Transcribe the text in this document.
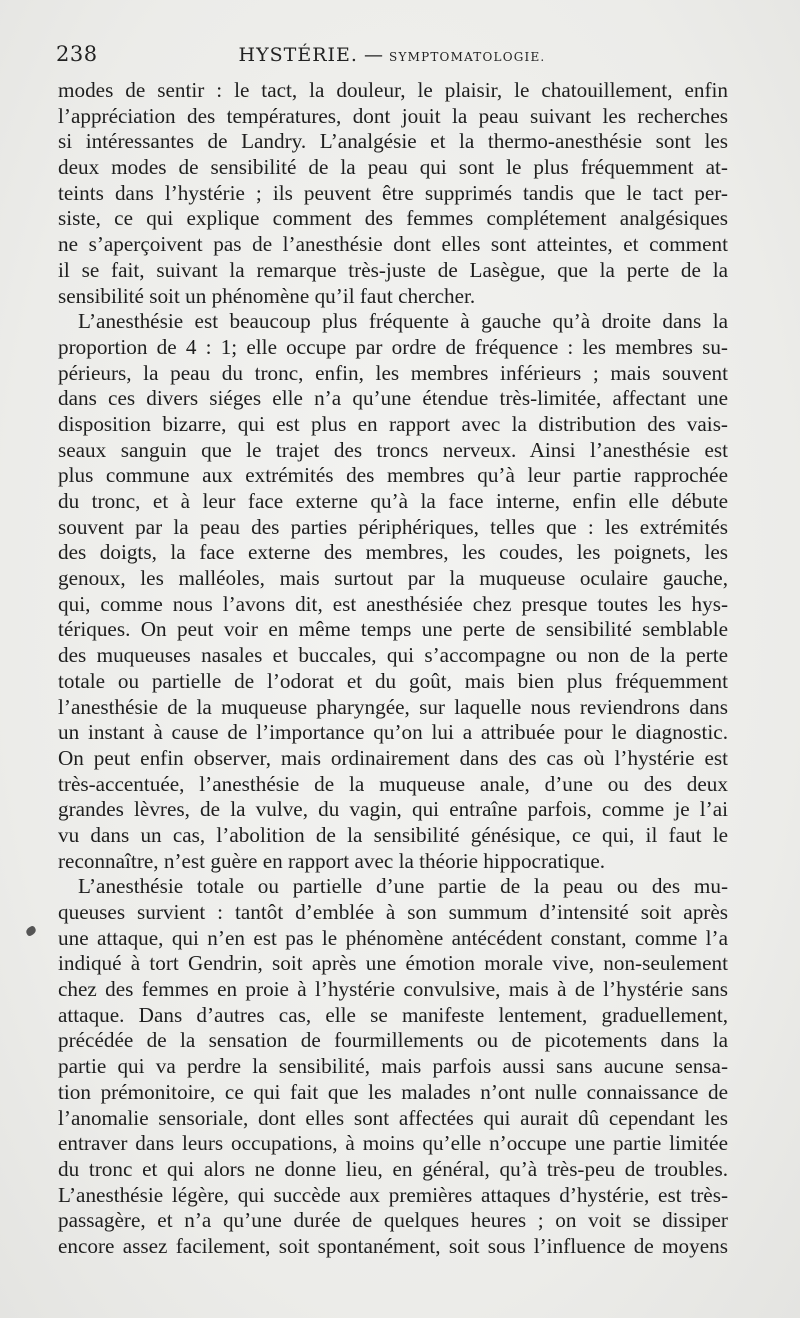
238	HYSTÉRIE. — SYMPTOMATOLOGIE.
modes de sentir : le tact, la douleur, le plaisir, le chatouillement, enfin
l’appréciation des températures, dont jouit la peau suivant les recherches
si intéressantes de Landry. L’analgésie et la thermo-anesthésie sont les
deux modes de sensibilité de la peau qui sont le plus fréquemment at-
teints dans l’hystérie ; ils peuvent être supprimés tandis que le tact per-
siste, ce qui explique comment des femmes complétement analgésiques
ne s’aperçoivent pas de l’anesthésie dont elles sont atteintes, et comment
il se fait, suivant la remarque très-juste de Lasègue, que la perte de la
sensibilité soit un phénomène qu’il faut chercher.
L’anesthésie est beaucoup plus fréquente à gauche qu’à droite dans la
proportion de 4 : 1; elle occupe par ordre de fréquence : les membres su-
périeurs, la peau du tronc, enfin, les membres inférieurs ; mais souvent
dans ces divers siéges elle n’a qu’une étendue très-limitée, affectant une
disposition bizarre, qui est plus en rapport avec la distribution des vais-
seaux sanguin que le trajet des troncs nerveux. Ainsi l’anesthésie est
plus commune aux extrémités des membres qu’à leur partie rapprochée
du tronc, et à leur face externe qu’à la face interne, enfin elle débute
souvent par la peau des parties périphériques, telles que : les extrémités
des doigts, la face externe des membres, les coudes, les poignets, les
genoux, les malléoles, mais surtout par la muqueuse oculaire gauche,
qui, comme nous l’avons dit, est anesthésiée chez presque toutes les hys-
tériques. On peut voir en même temps une perte de sensibilité semblable
des muqueuses nasales et buccales, qui s’accompagne ou non de la perte
totale ou partielle de l’odorat et du goût, mais bien plus fréquemment
l’anesthésie de la muqueuse pharyngée, sur laquelle nous reviendrons dans
un instant à cause de l’importance qu’on lui a attribuée pour le diagnostic.
On peut enfin observer, mais ordinairement dans des cas où l’hystérie est
très-accentuée, l’anesthésie de la muqueuse anale, d’une ou des deux
grandes lèvres, de la vulve, du vagin, qui entraîne parfois, comme je l’ai
vu dans un cas, l’abolition de la sensibilité génésique, ce qui, il faut le
reconnaître, n’est guère en rapport avec la théorie hippocratique.
L’anesthésie totale ou partielle d’une partie de la peau ou des mu-
queuses survient : tantôt d’emblée à son summum d’intensité soit après
une attaque, qui n’en est pas le phénomène antécédent constant, comme l’a
indiqué à tort Gendrin, soit après une émotion morale vive, non-seulement
chez des femmes en proie à l’hystérie convulsive, mais à de l’hystérie sans
attaque. Dans d’autres cas, elle se manifeste lentement, graduellement,
précédée de la sensation de fourmillements ou de picotements dans la
partie qui va perdre la sensibilité, mais parfois aussi sans aucune sensa-
tion prémonitoire, ce qui fait que les malades n’ont nulle connaissance de
l’anomalie sensoriale, dont elles sont affectées qui aurait dû cependant les
entraver dans leurs occupations, à moins qu’elle n’occupe une partie limitée
du tronc et qui alors ne donne lieu, en général, qu’à très-peu de troubles.
L’anesthésie légère, qui succède aux premières attaques d’hystérie, est très-
passagère, et n’a qu’une durée de quelques heures ; on voit se dissiper
encore assez facilement, soit spontanément, soit sous l’influence de moyens
